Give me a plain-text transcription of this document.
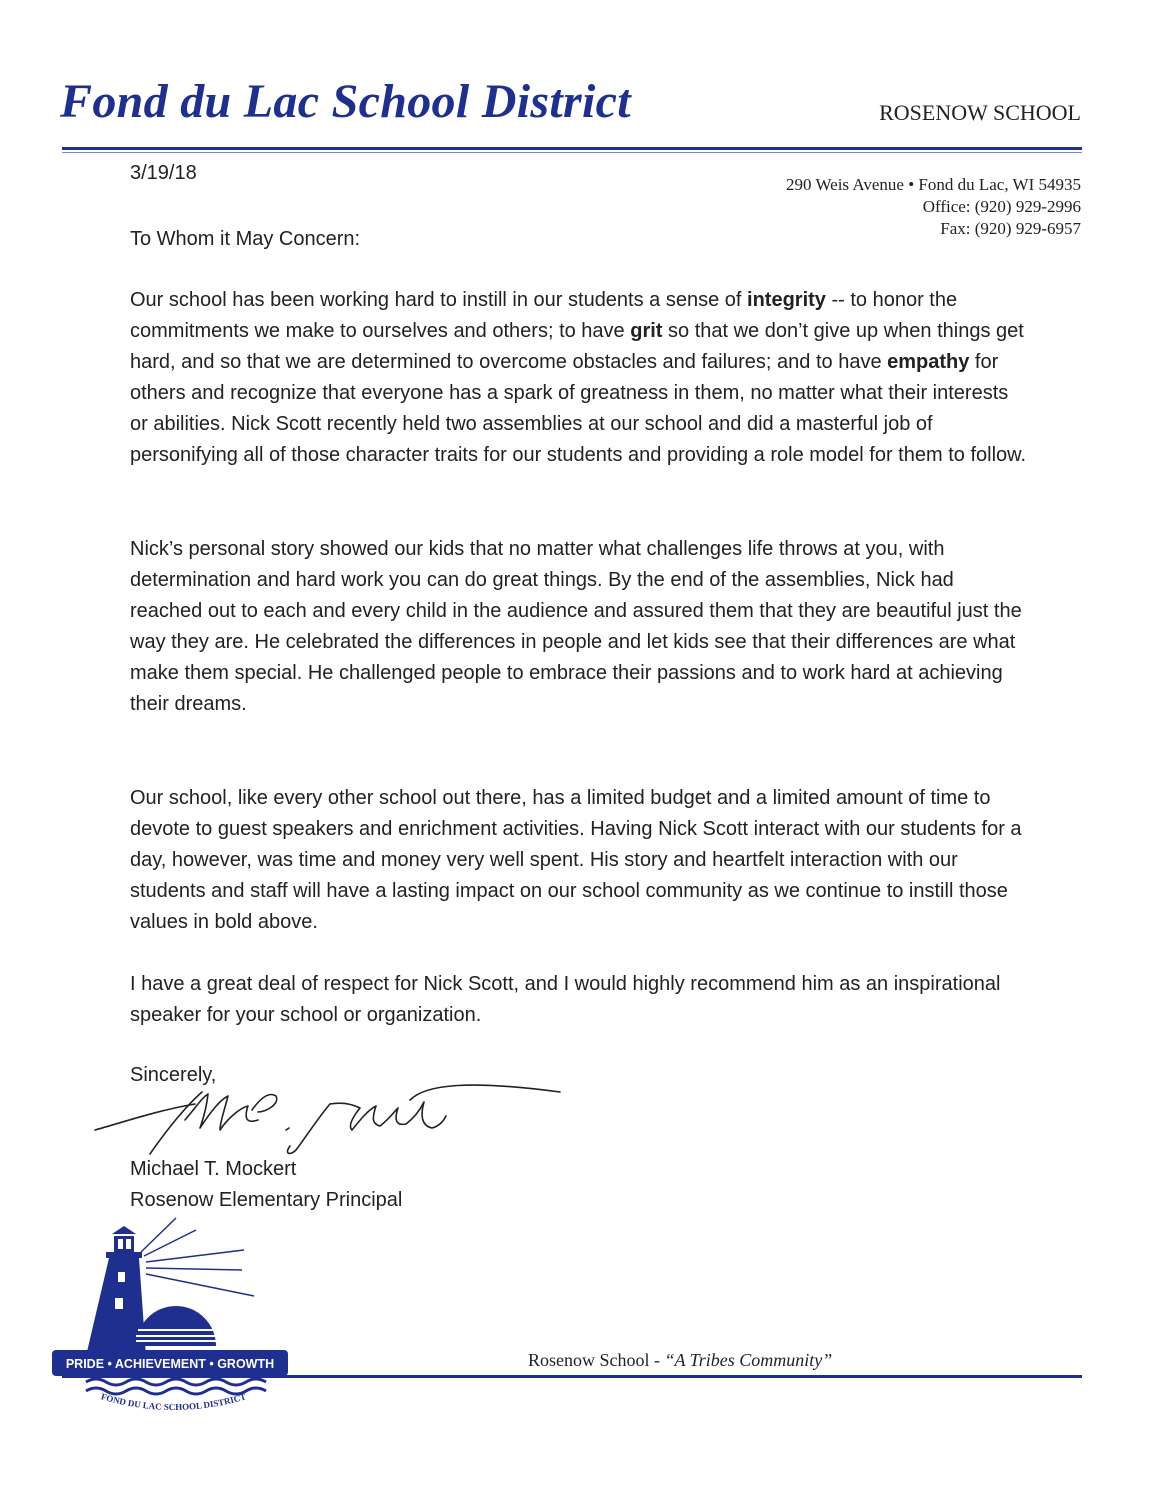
Fond du Lac School District	ROSENOW SCHOOL
3/19/18
290 Weis Avenue • Fond du Lac, WI 54935
Office: (920) 929-2996
Fax: (920) 929-6957
To Whom it May Concern:

Our school has been working hard to instill in our students a sense of integrity -- to honor the commitments we make to ourselves and others; to have grit so that we don’t give up when things get hard, and so that we are determined to overcome obstacles and failures; and to have empathy for others and recognize that everyone has a spark of greatness in them, no matter what their interests or abilities. Nick Scott recently held two assemblies at our school and did a masterful job of personifying all of those character traits for our students and providing a role model for them to follow.

Nick’s personal story showed our kids that no matter what challenges life throws at you, with determination and hard work you can do great things. By the end of the assemblies, Nick had reached out to each and every child in the audience and assured them that they are beautiful just the way they are. He celebrated the differences in people and let kids see that their differences are what make them special. He challenged people to embrace their passions and to work hard at achieving their dreams.

Our school, like every other school out there, has a limited budget and a limited amount of time to devote to guest speakers and enrichment activities. Having Nick Scott interact with our students for a day, however, was time and money very well spent. His story and heartfelt interaction with our students and staff will have a lasting impact on our school community as we continue to instill those values in bold above.

I have a great deal of respect for Nick Scott, and I would highly recommend him as an inspirational speaker for your school or organization.

Sincerely,
Michael T. Mockert
Rosenow Elementary Principal
PRIDE • ACHIEVEMENT • GROWTH
FOND DU LAC SCHOOL DISTRICT
Rosenow School - “A Tribes Community”
